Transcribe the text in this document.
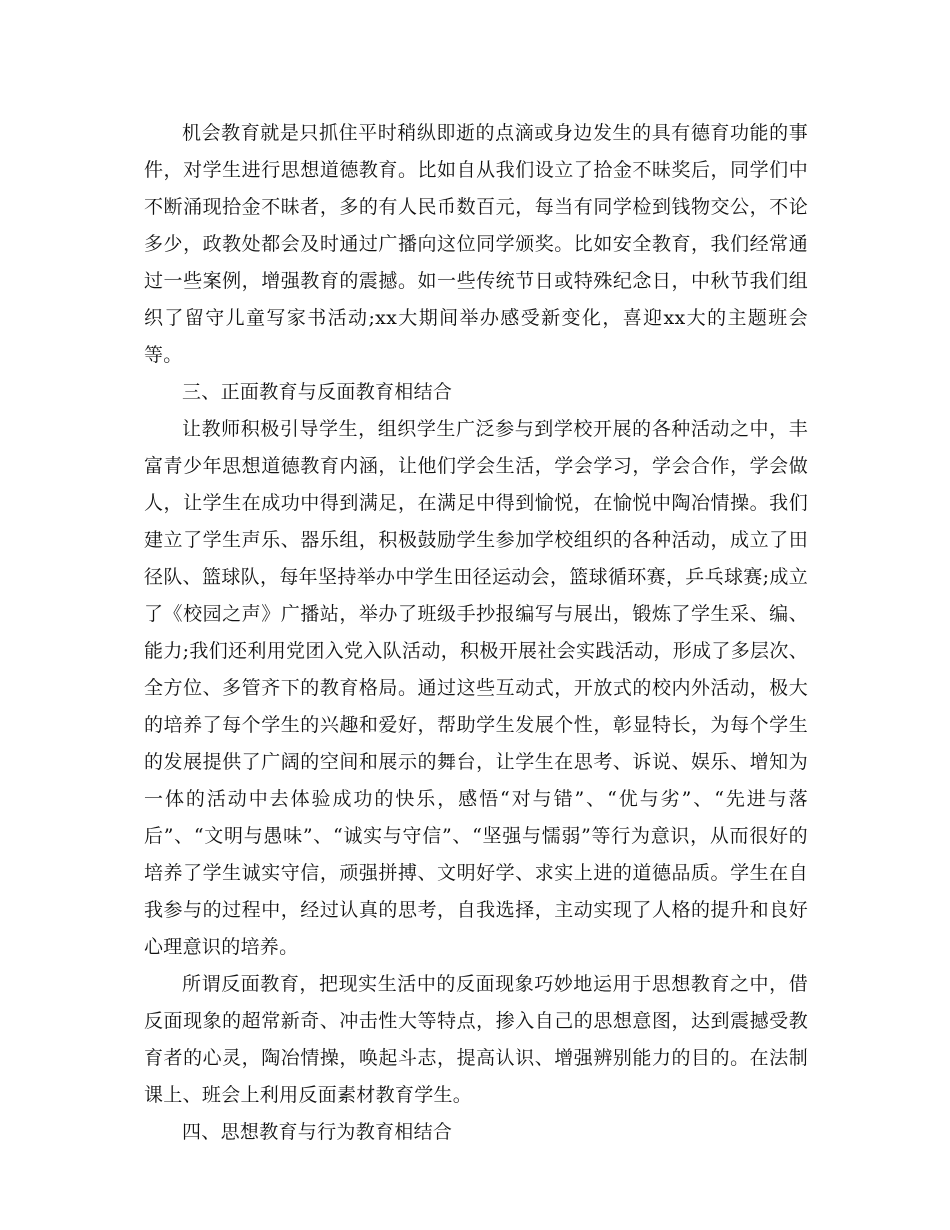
机会教育就是只抓住平时稍纵即逝的点滴或身边发生的具有德育功能的事件，对学生进行思想道德教育。比如自从我们设立了拾金不昧奖后，同学们中不断涌现拾金不昧者，多的有人民币数百元，每当有同学检到钱物交公，不论多少，政教处都会及时通过广播向这位同学颁奖。比如安全教育，我们经常通过一些案例，增强教育的震撼。如一些传统节日或特殊纪念日，中秋节我们组织了留守儿童写家书活动;xx大期间举办感受新变化，喜迎xx大的主题班会等。

三、正面教育与反面教育相结合

让教师积极引导学生，组织学生广泛参与到学校开展的各种活动之中，丰富青少年思想道德教育内涵，让他们学会生活，学会学习，学会合作，学会做人，让学生在成功中得到满足，在满足中得到愉悦，在愉悦中陶冶情操。我们建立了学生声乐、器乐组，积极鼓励学生参加学校组织的各种活动，成立了田径队、篮球队，每年坚持举办中学生田径运动会，篮球循环赛，乒乓球赛;成立了《校园之声》广播站，举办了班级手抄报编写与展出，锻炼了学生采、编、能力;我们还利用党团入党入队活动，积极开展社会实践活动，形成了多层次、全方位、多管齐下的教育格局。通过这些互动式，开放式的校内外活动，极大的培养了每个学生的兴趣和爱好，帮助学生发展个性，彰显特长，为每个学生的发展提供了广阔的空间和展示的舞台，让学生在思考、诉说、娱乐、增知为一体的活动中去体验成功的快乐，感悟“对与错”、“优与劣”、“先进与落后”、“文明与愚味”、“诚实与守信”、“坚强与懦弱”等行为意识，从而很好的培养了学生诚实守信，顽强拼搏、文明好学、求实上进的道德品质。学生在自我参与的过程中，经过认真的思考，自我选择，主动实现了人格的提升和良好心理意识的培养。

所谓反面教育，把现实生活中的反面现象巧妙地运用于思想教育之中，借反面现象的超常新奇、冲击性大等特点，掺入自己的思想意图，达到震撼受教育者的心灵，陶冶情操，唤起斗志，提高认识、增强辨别能力的目的。在法制课上、班会上利用反面素材教育学生。

四、思想教育与行为教育相结合
